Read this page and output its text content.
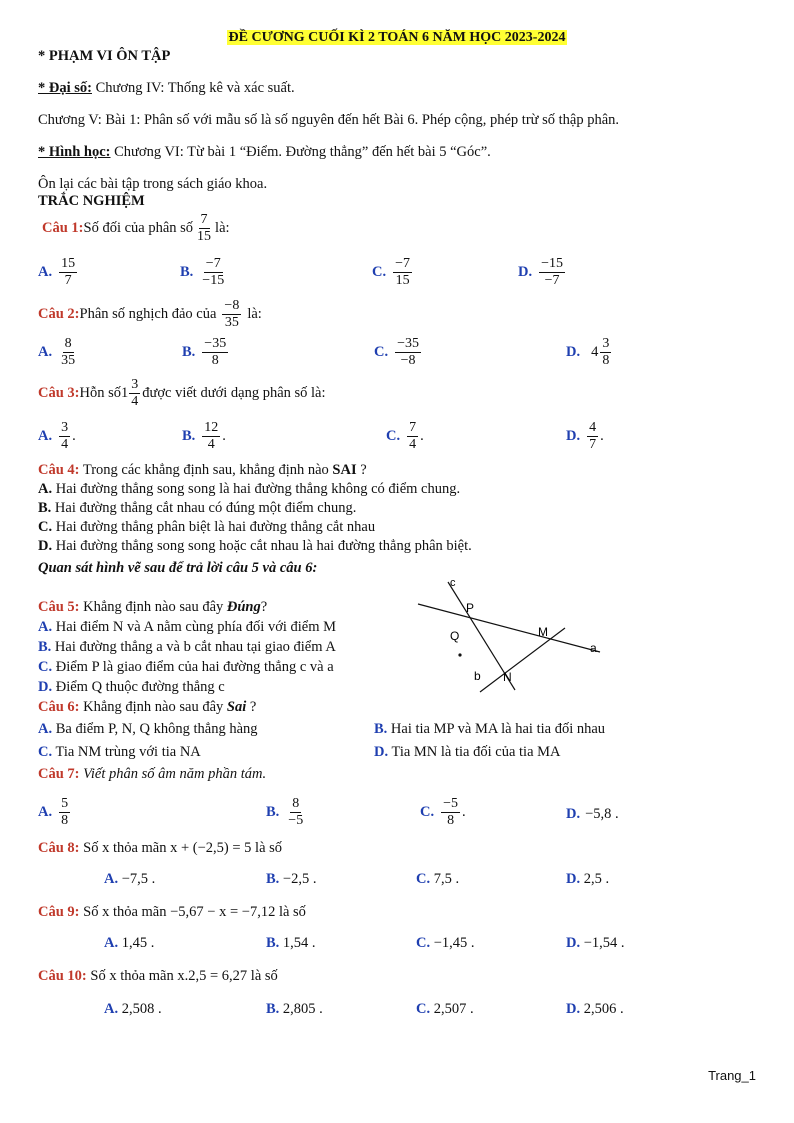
ĐỀ CƯƠNG CUỐI KÌ 2 TOÁN 6 NĂM HỌC 2023-2024
* PHẠM VI ÔN TẬP
* Đại số: Chương IV: Thống kê và xác suất.
Chương V: Bài 1: Phân số với mẫu số là số nguyên đến hết Bài 6. Phép cộng, phép trừ số thập phân.
* Hình học: Chương VI: Từ bài 1 “Điểm. Đường thẳng” đến hết bài 5 “Góc”.
Ôn lại các bài tập trong sách giáo khoa.
TRẮC NGHIỆM
Câu 1: Số đối của phân số $\frac{7}{15}$ là:
A. $\frac{15}{7}$	B. $\frac{-7}{-15}$	C. $\frac{-7}{15}$	D. $\frac{-15}{-7}$
Câu 2: Phân số nghịch đảo của $\frac{-8}{35}$ là:
A. $\frac{8}{35}$	B. $\frac{-35}{8}$	C. $\frac{-35}{-8}$	D. $4 \frac{3}{8}$
Câu 3: Hỗn số $1 \frac{3}{4}$ được viết dưới dạng phân số là:
A. $\frac{3}{4}$ .	B. $\frac{12}{4}$ .	C. $\frac{7}{4}$ .	D. $\frac{4}{7}$ .
Câu 4: Trong các khẳng định sau, khẳng định nào SAI ?
A. Hai đường thẳng song song là hai đường thẳng không có điểm chung.
B. Hai đường thẳng cắt nhau có đúng một điểm chung.
C. Hai đường thẳng phân biệt là hai đường thẳng cắt nhau
D. Hai đường thẳng song song hoặc cắt nhau là hai đường thẳng phân biệt.
Quan sát hình vẽ sau để trả lời câu 5 và câu 6:
c
P
Q	M
a
b N
Câu 5: Khẳng định nào sau đây Đúng?
A. Hai điểm N và A nằm cùng phía đối với điểm M
B. Hai đường thẳng a và b cắt nhau tại giao điểm A
C. Điểm P là giao điểm của hai đường thẳng c và a
D. Điểm Q thuộc đường thẳng c
Câu 6: Khẳng định nào sau đây Sai ?
A. Ba điểm P, N, Q không thẳng hàng	B. Hai tia MP và MA là hai tia đối nhau
C. Tia NM trùng với tia NA	D. Tia MN là tia đối của tia MA
Câu 7: Viết phân số âm năm phần tám.
A. $\frac{5}{8}$	B. $\frac{8}{-5}$	C. $\frac{-5}{8}$ .	D. −5,8 .
Câu 8: Số x thỏa mãn x + (−2,5) = 5 là số
A. −7,5 .	B. −2,5 .	C. 7,5 .	D. 2,5 .
Câu 9: Số x thỏa mãn −5,67 − x = −7,12 là số
A. 1,45 .	B. 1,54 .	C. −1,45 .	D. −1,54 .
Câu 10: Số x thỏa mãn x.2,5 = 6,27 là số
A. 2,508 .	B. 2,805 .	C. 2,507 .	D. 2,506 .
Trang_1
